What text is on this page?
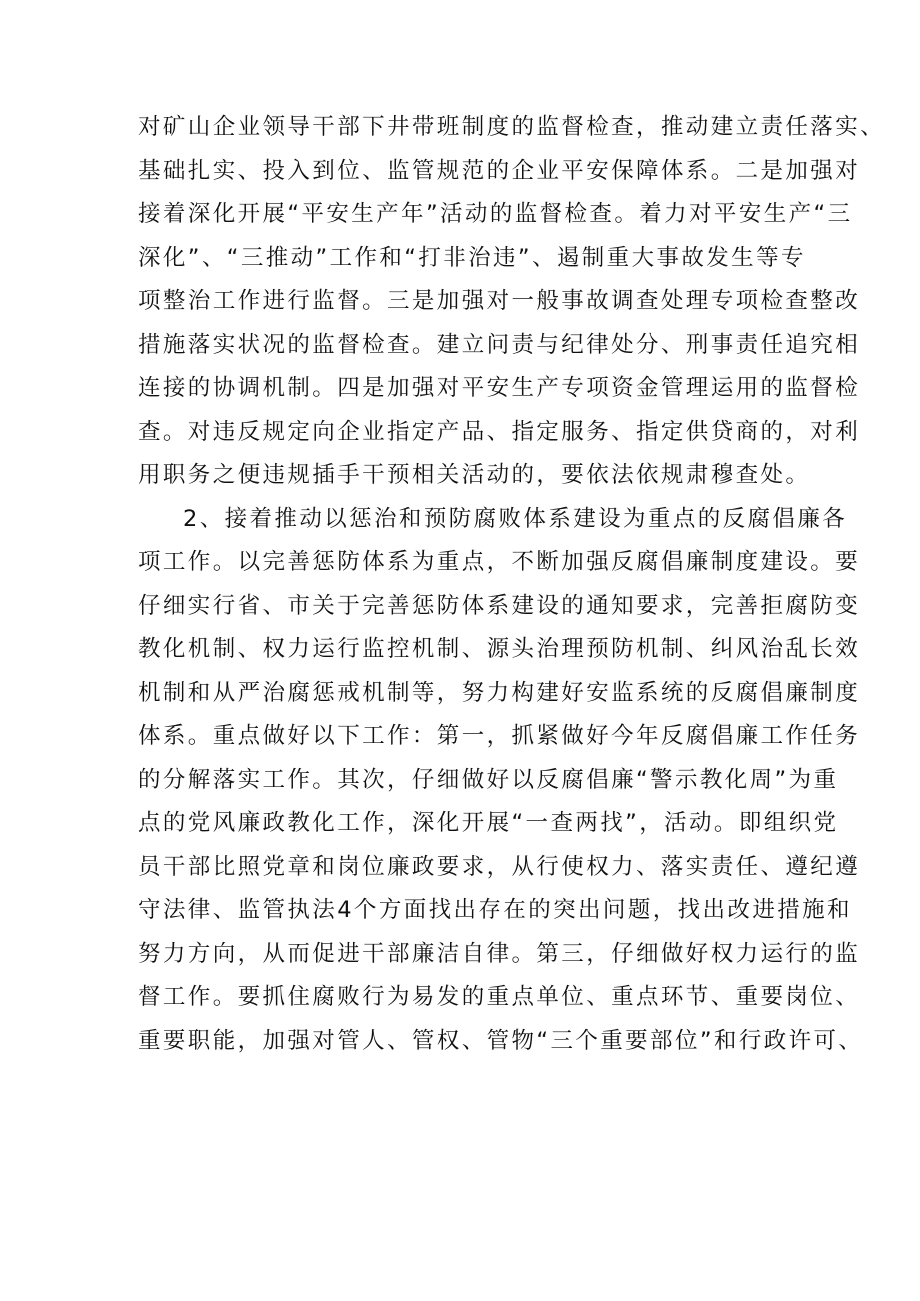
对矿山企业领导干部下井带班制度的监督检查，推动建立责任落实、
基础扎实、投入到位、监管规范的企业平安保障体系。二是加强对
接着深化开展“平安生产年”活动的监督检查。着力对平安生产“三
深化”、“三推动”工作和“打非治违”、遏制重大事故发生等专
项整治工作进行监督。三是加强对一般事故调查处理专项检查整改
措施落实状况的监督检查。建立问责与纪律处分、刑事责任追究相
连接的协调机制。四是加强对平安生产专项资金管理运用的监督检
查。对违反规定向企业指定产品、指定服务、指定供贷商的，对利
用职务之便违规插手干预相关活动的，要依法依规肃穆查处。
2、接着推动以惩治和预防腐败体系建设为重点的反腐倡廉各
项工作。以完善惩防体系为重点，不断加强反腐倡廉制度建设。要
仔细实行省、市关于完善惩防体系建设的通知要求，完善拒腐防变
教化机制、权力运行监控机制、源头治理预防机制、纠风治乱长效
机制和从严治腐惩戒机制等，努力构建好安监系统的反腐倡廉制度
体系。重点做好以下工作：第一，抓紧做好今年反腐倡廉工作任务
的分解落实工作。其次，仔细做好以反腐倡廉“警示教化周”为重
点的党风廉政教化工作，深化开展“一查两找”，活动。即组织党
员干部比照党章和岗位廉政要求，从行使权力、落实责任、遵纪遵
守法律、监管执法4个方面找出存在的突出问题，找出改进措施和
努力方向，从而促进干部廉洁自律。第三，仔细做好权力运行的监
督工作。要抓住腐败行为易发的重点单位、重点环节、重要岗位、
重要职能，加强对管人、管权、管物“三个重要部位”和行政许可、
